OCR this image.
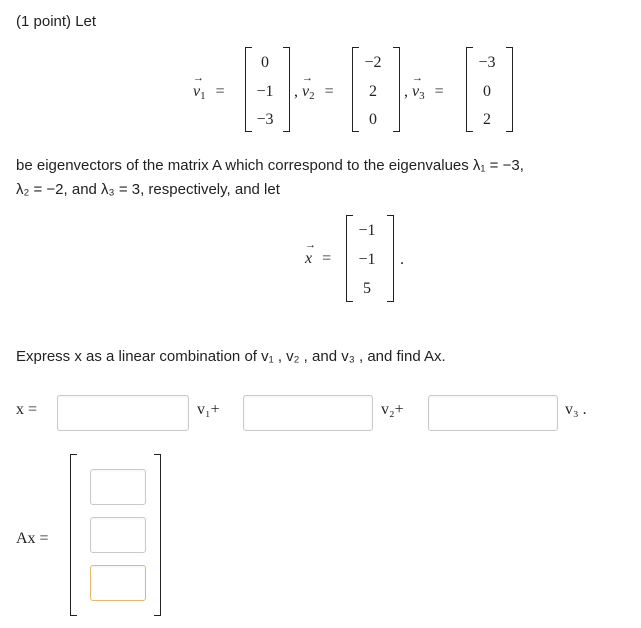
(1 point) Let
→ $v_1$ =
0
−1
−3
, → $v_2$ =
−2
2
0
, → $v_3$ =
−3
0
2
be eigenvectors of the matrix A which correspond to the eigenvalues λ₁ = −3,
λ₂ = −2, and λ₃ = 3, respectively, and let
→ x =
−1
−1
5
.
Express x as a linear combination of v₁ , v₂ , and v₃ , and find Ax.
x =	v₁+	v₂+	v₃ .
Ax =
